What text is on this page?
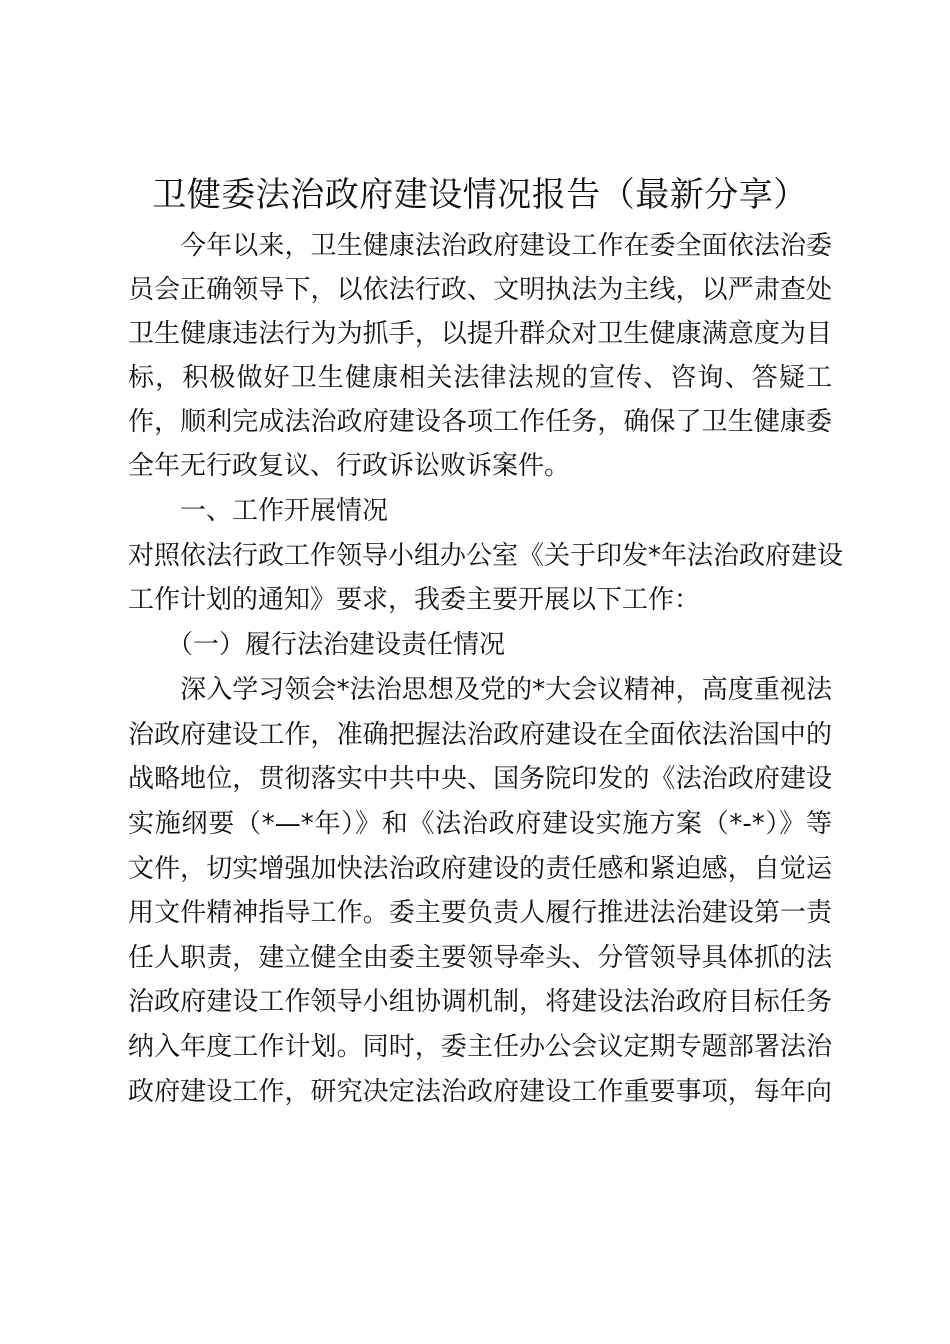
卫健委法治政府建设情况报告（最新分享）
　　今年以来，卫生健康法治政府建设工作在委全面依法治委
员会正确领导下，以依法行政、文明执法为主线，以严肃查处
卫生健康违法行为为抓手，以提升群众对卫生健康满意度为目
标，积极做好卫生健康相关法律法规的宣传、咨询、答疑工
作，顺利完成法治政府建设各项工作任务，确保了卫生健康委
全年无行政复议、行政诉讼败诉案件。
　　一、工作开展情况
对照依法行政工作领导小组办公室《关于印发*年法治政府建设
工作计划的通知》要求，我委主要开展以下工作：
　　（一）履行法治建设责任情况
　　深入学习领会*法治思想及党的*大会议精神，高度重视法
治政府建设工作，准确把握法治政府建设在全面依法治国中的
战略地位，贯彻落实中共中央、国务院印发的《法治政府建设
实施纲要（*—*年）》和《法治政府建设实施方案（*-*）》等
文件，切实增强加快法治政府建设的责任感和紧迫感，自觉运
用文件精神指导工作。委主要负责人履行推进法治建设第一责
任人职责，建立健全由委主要领导牵头、分管领导具体抓的法
治政府建设工作领导小组协调机制，将建设法治政府目标任务
纳入年度工作计划。同时，委主任办公会议定期专题部署法治
政府建设工作，研究决定法治政府建设工作重要事项，每年向
